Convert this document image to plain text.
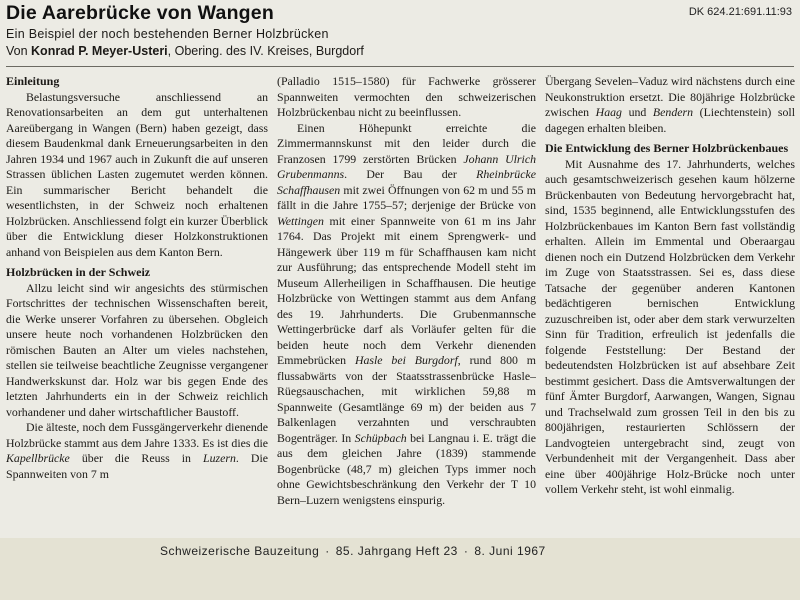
Die Aarebrücke von Wangen	DK 624.21:691.11:93
Ein Beispiel der noch bestehenden Berner Holzbrücken
Von Konrad P. Meyer-Usteri, Obering. des IV. Kreises, Burgdorf
Einleitung

Belastungsversuche anschliessend an Renovationsarbeiten an dem gut unterhaltenen Aareübergang in Wangen (Bern) haben gezeigt, dass diesem Baudenkmal dank Erneuerungsarbeiten in den Jahren 1934 und 1967 auch in Zukunft die auf unseren Strassen üblichen Lasten zugemutet werden können. Ein summarischer Bericht behandelt die wesentlichsten, in der Schweiz noch erhaltenen Holzbrücken. Anschliessend folgt ein kurzer Überblick über die Entwicklung dieser Holzkonstruktionen anhand von Beispielen aus dem Kanton Bern.

Holzbrücken in der Schweiz

Allzu leicht sind wir angesichts des stürmischen Fortschrittes der technischen Wissenschaften bereit, die Werke unserer Vorfahren zu übersehen. Obgleich unsere heute noch vorhandenen Holzbrücken den römischen Bauten an Alter um vieles nachstehen, stellen sie teilweise beachtliche Zeugnisse vergangener Handwerkskunst dar. Holz war bis gegen Ende des letzten Jahrhunderts ein in der Schweiz reichlich vorhandener und daher wirtschaftlicher Baustoff.

Die älteste, noch dem Fussgängerverkehr dienende Holzbrücke stammt aus dem Jahre 1333. Es ist dies die Kapellbrücke über die Reuss in Luzern. Die Spannweiten von 7 m

(Palladio 1515–1580) für Fachwerke grösserer Spannweiten vermochten den schweizerischen Holzbrückenbau nicht zu beeinflussen.

Einen Höhepunkt erreichte die Zimmermannskunst mit den leider durch die Franzosen 1799 zerstörten Brücken Johann Ulrich Grubenmanns. Der Bau der Rheinbrücke Schaffhausen mit zwei Öffnungen von 62 m und 55 m fällt in die Jahre 1755–57; derjenige der Brücke von Wettingen mit einer Spannweite von 61 m ins Jahr 1764. Das Projekt mit einem Sprengwerk- und Hängewerk über 119 m für Schaffhausen kam nicht zur Ausführung; das entsprechende Modell steht im Museum Allerheiligen in Schaffhausen. Die heutige Holzbrücke von Wettingen stammt aus dem Anfang des 19. Jahrhunderts. Die Grubenmannsche Wettingerbrücke darf als Vorläufer gelten für die beiden heute noch dem Verkehr dienenden Emmebrücken Hasle bei Burgdorf, rund 800 m flussabwärts von der Staatsstrassenbrücke Hasle–Rüegsauschachen, mit wirklichen 59,88 m Spannweite (Gesamtlänge 69 m) der beiden aus 7 Balkenlagen verzahnten und verschraubten Bogenträger. In Schüpbach bei Langnau i. E. trägt die aus dem gleichen Jahre (1839) stammende Bogenbrücke (48,7 m) gleichen Typs immer noch ohne Gewichtsbeschränkung den Verkehr der T 10 Bern–Luzern wenigstens einspurig.

Übergang Sevelen–Vaduz wird nächstens durch eine Neukonstruktion ersetzt. Die 80jährige Holzbrücke zwischen Haag und Bendern (Liechtenstein) soll dagegen erhalten bleiben.

Die Entwicklung des Berner Holzbrückenbaues

Mit Ausnahme des 17. Jahrhunderts, welches auch gesamtschweizerisch gesehen kaum hölzerne Brückenbauten von Bedeutung hervorgebracht hat, sind, 1535 beginnend, alle Entwicklungsstufen des Holzbrückenbaues im Kanton Bern fast vollständig erhalten. Allein im Emmental und Oberaargau dienen noch ein Dutzend Holzbrücken dem Verkehr im Zuge von Staatsstrassen. Sei es, dass diese Tatsache der gegenüber anderen Kantonen bedächtigeren bernischen Entwicklung zuzuschreiben ist, oder aber dem stark verwurzelten Sinn für Tradition, erfreulich ist jedenfalls die folgende Feststellung: Der Bestand der bedeutendsten Holzbrücken ist auf absehbare Zeit bestimmt gesichert. Dass die Amtsverwaltungen der fünf Ämter Burgdorf, Aarwangen, Wangen, Signau und Trachselwald zum grossen Teil in den bis zu 800jährigen, restaurierten Schlössern der Landvogteien untergebracht sind, zeugt von Verbundenheit mit der Vergangenheit. Dass aber eine über 400jährige Holz-Brücke noch unter vollem Verkehr steht, ist wohl einmalig.

Schweizerische Bauzeitung · 85. Jahrgang Heft 23 · 8. Juni 1967
